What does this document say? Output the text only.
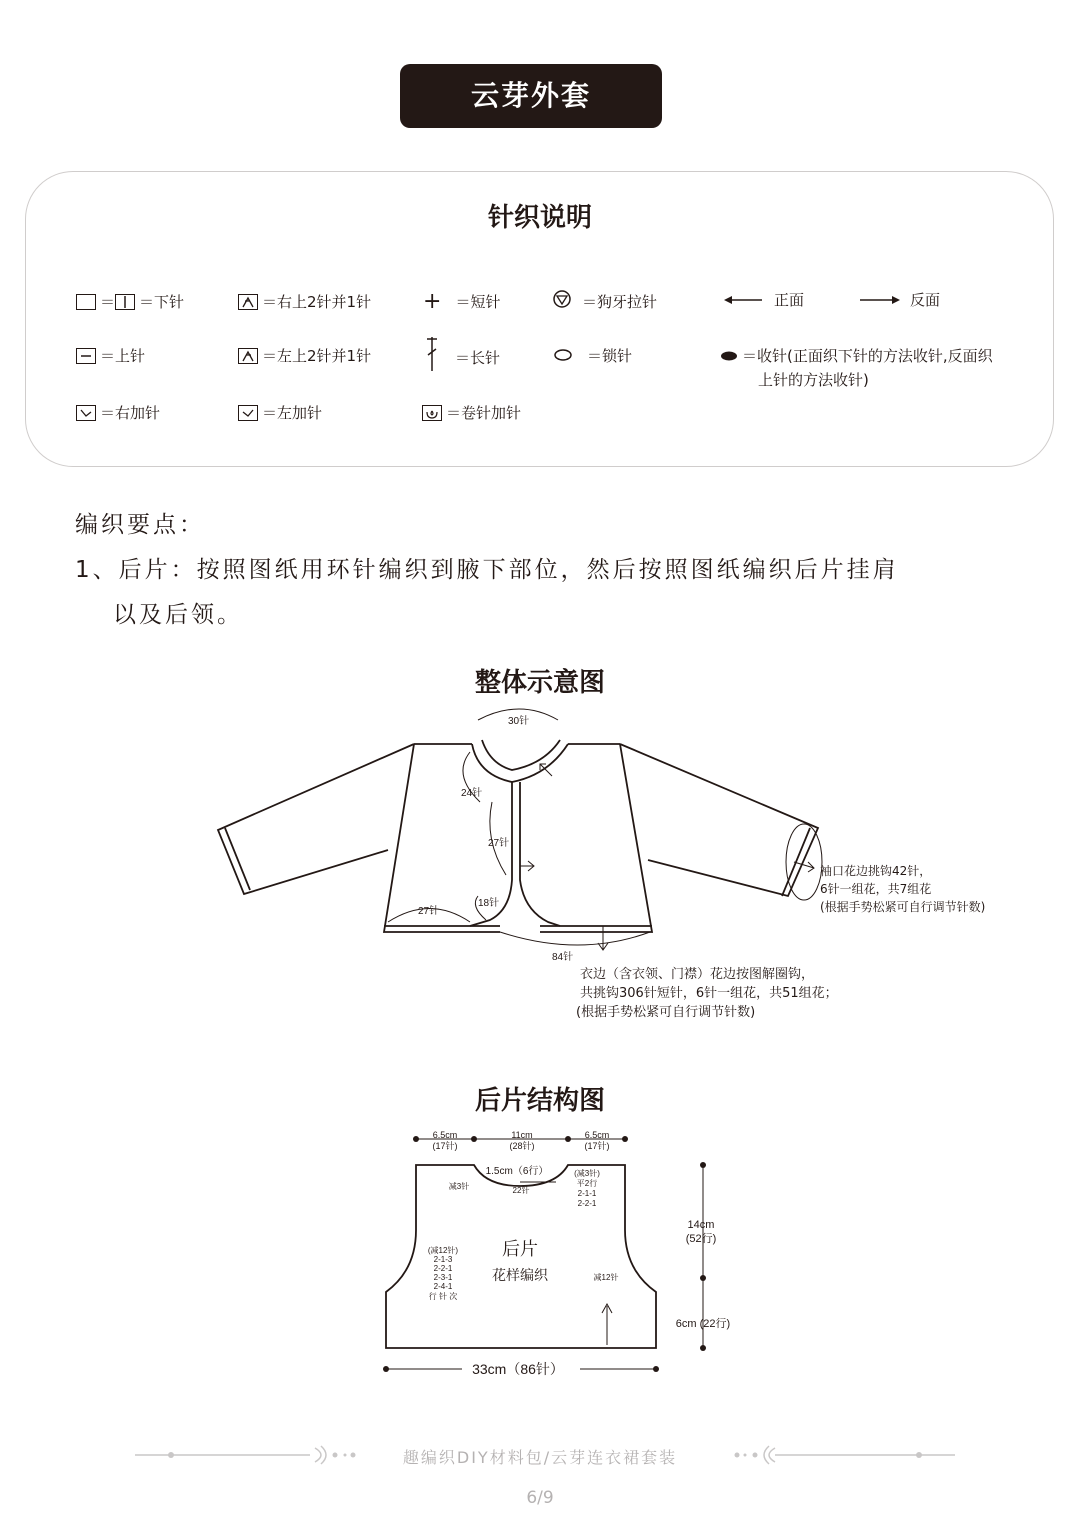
云芽外套
针织说明
＝ ＝下针	＝右上2针并1针 + ＝短针	＝狗牙拉针	正面	反面
＝上针	＝左上2针并1针	＝长针	＝锁针	＝收针(正面织下针的方法收针,反面织
上针的方法收针)
＝右加针	＝左加针	＝卷针加针
编织要点：
1、后片：按照图纸用环针编织到腋下部位，然后按照图纸编织后片挂肩
以及后领。
整体示意图
30针
24针
27针
18针
27针
84针
袖口花边挑钩42针，
6针一组花，共7组花
(根据手势松紧可自行调节针数)
衣边（含衣领、门襟）花边按图解圈钩，
共挑钩306针短针，6针一组花，共51组花；
(根据手势松紧可自行调节针数)
后片结构图
6.5cm
(17针)
11cm
(28针)
6.5cm
(17针)
1.5cm（6行）
减3针	22针
(减3针)
平2行
2-1-1
2-2-1
后片
花样编织
(减12针)
2-1-3
2-2-1
2-3-1
2-4-1
行 针 次
减12针
14cm
(52行)
6cm (22行)
33cm（86针）
趣编织DIY材料包/云芽连衣裙套装
6/9
